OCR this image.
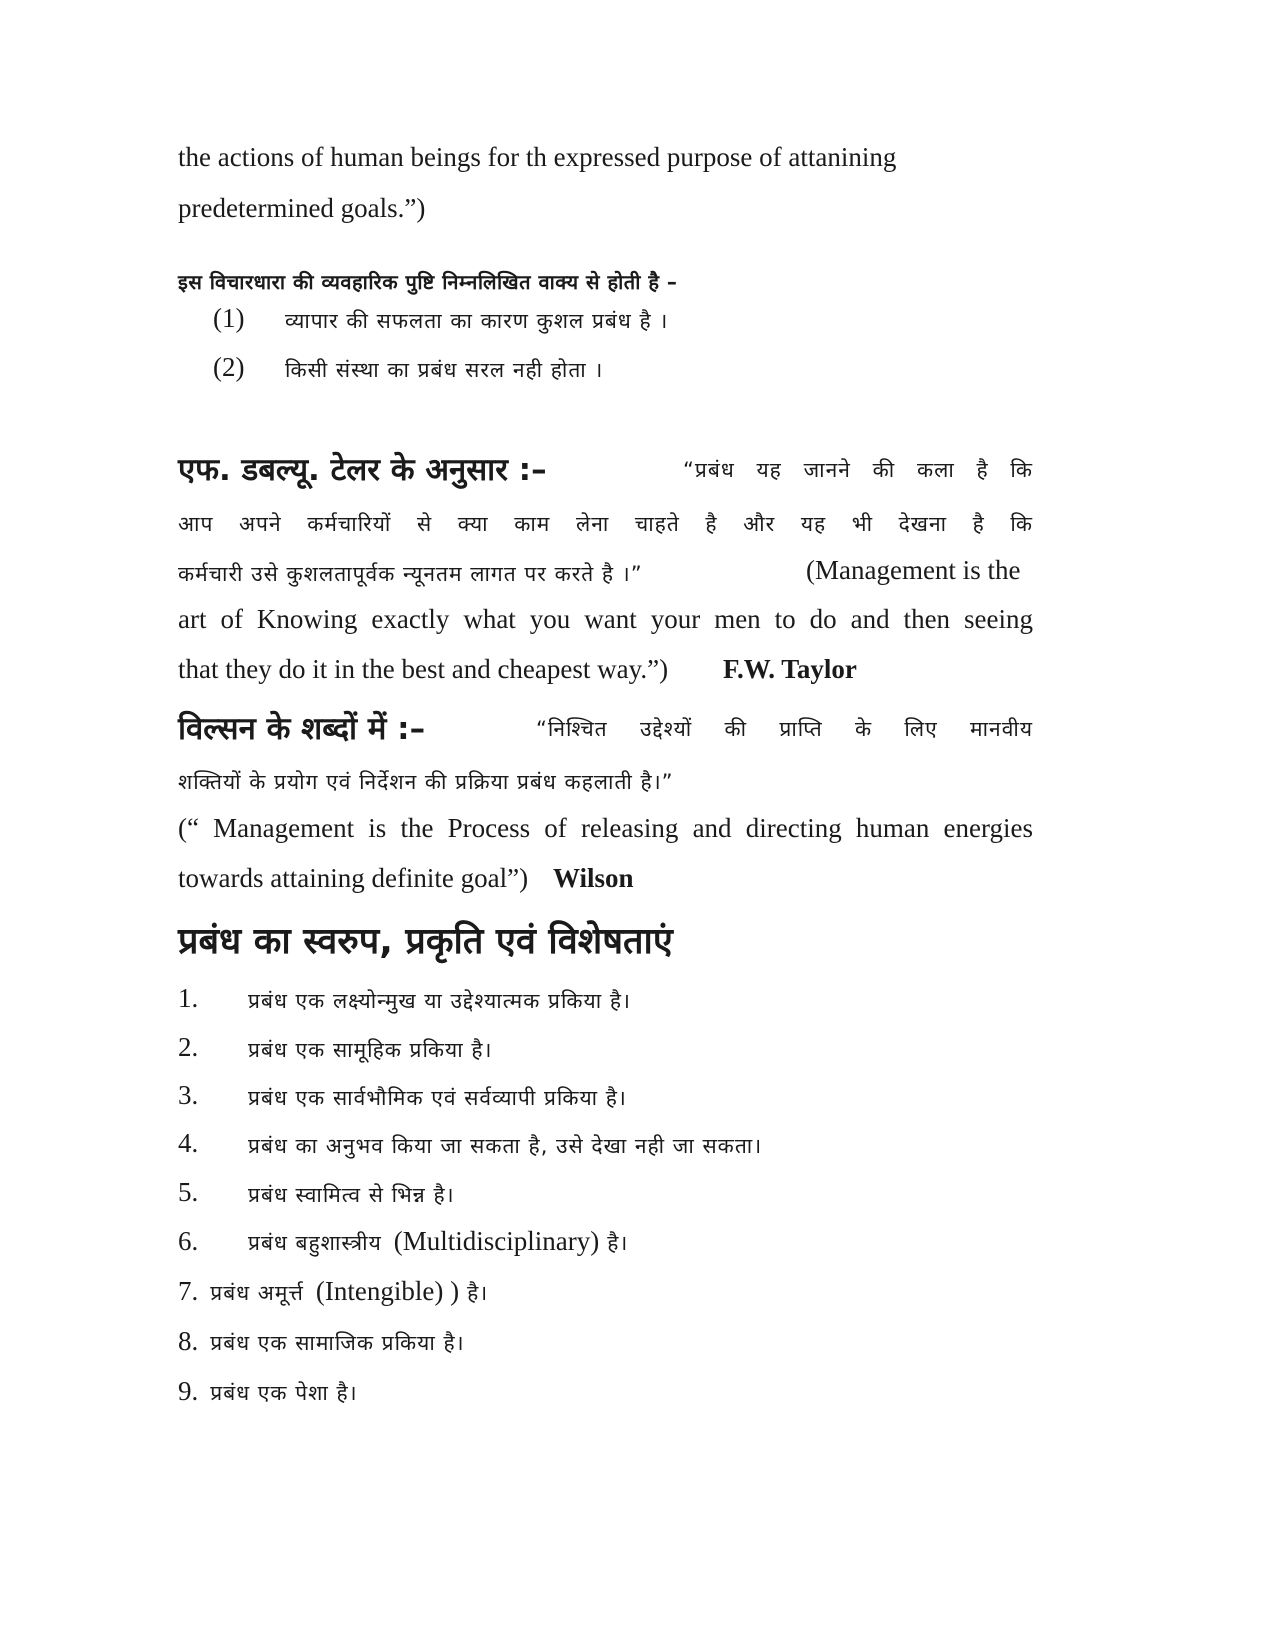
the actions of human beings for th expressed purpose of attanining
predetermined goals.”)
इस विचारधारा की व्यवहारिक पुष्टि निम्नलिखित वाक्य से होती है –
(1) व्यापार की सफलता का कारण कुशल प्रबंध है ।
(2) किसी संस्था का प्रबंध सरल नही होता ।
एफ. डबल्यू. टेलर के अनुसार :–	“प्रबंध यह जानने की कला है कि
आप अपने कर्मचारियों से क्या काम लेना चाहते है और यह भी देखना है कि
कर्मचारी उसे कुशलतापूर्वक न्यूनतम लागत पर करते है ।”	(Management is the
art of Knowing exactly what you want your men to do and then seeing
that they do it in the best and cheapest way.”) F.W. Taylor
विल्सन के शब्दों में :–	“निश्चित उद्देश्यों की प्राप्ति के लिए मानवीय
शक्तियों के प्रयोग एवं निर्देशन की प्रक्रिया प्रबंध कहलाती है।”
(“ Management is the Process of releasing and directing human energies
towards attaining definite goal”) Wilson
प्रबंध का स्वरुप, प्रकृति एवं विशेषताएं
1. प्रबंध एक लक्ष्योन्मुख या उद्देश्यात्मक प्रकिया है।
2. प्रबंध एक सामूहिक प्रकिया है।
3. प्रबंध एक सार्वभौमिक एवं सर्वव्यापी प्रकिया है।
4. प्रबंध का अनुभव किया जा सकता है, उसे देखा नही जा सकता।
5. प्रबंध स्वामित्व से भिन्न है।
6. प्रबंध बहुशास्त्रीय (Multidisciplinary) है।
7. प्रबंध अमूर्त्त (Intengible) ) है।
8. प्रबंध एक सामाजिक प्रकिया है।
9. प्रबंध एक पेशा है।
